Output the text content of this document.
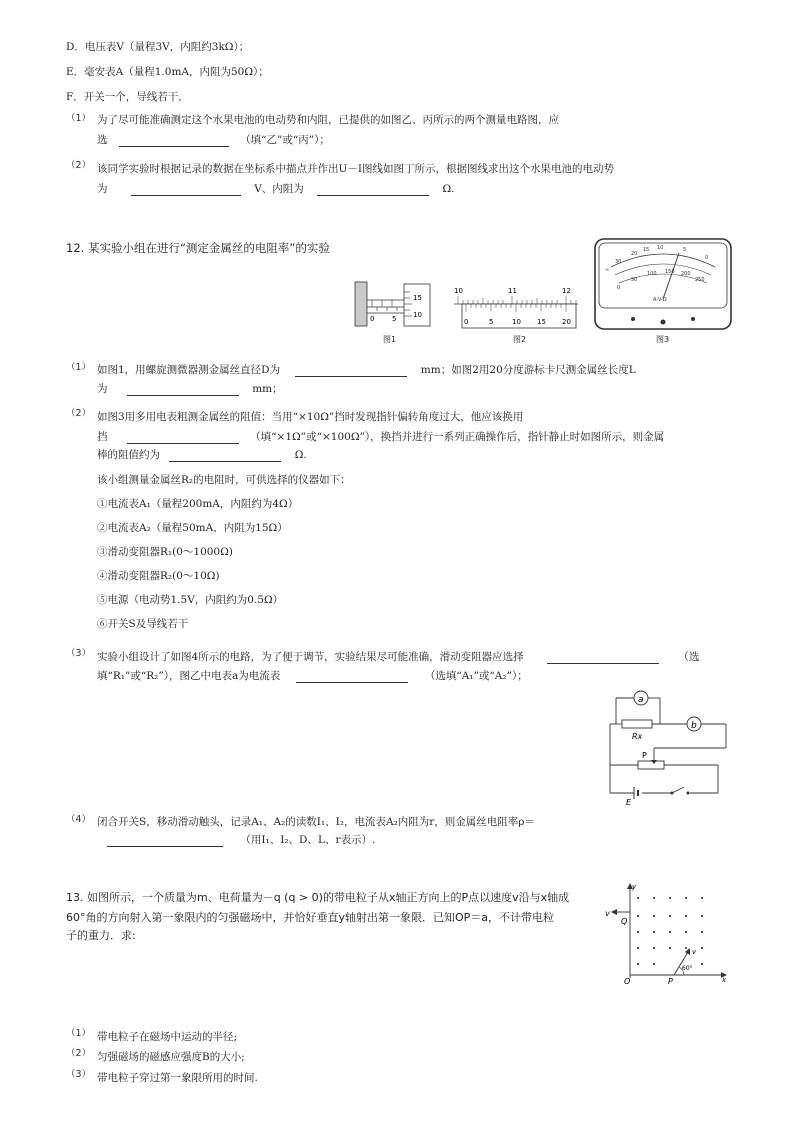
D．电压表V（量程3V，内阻约3kΩ）；
E．毫安表A（量程1.0mA，内阻为50Ω）；
F．开关一个，导线若干．
（1） 为了尽可能准确测定这个水果电池的电动势和内阻，已提供的如图乙、丙所示的两个测量电路图，应
选	（填“乙”或“丙”）；
（2） 该同学实验时根据记录的数据在坐标系中描点并作出U－I图线如图丁所示，根据图线求出这个水果电池的电动势
为	V、内阻为	Ω.
12. 某实验小组在进行“测定金属丝的电阻率”的实验
0	5
15
10
图1
10	11	12
0	5	10 15 20
图2
30
20
15 10	5
0
∞
0
50
100 150 200
250
A-V-Ω
图3
（1） 如图1，用螺旋测微器测金属丝直径D为	mm；如图2用20分度游标卡尺测金属丝长度L
为	mm；
（2） 如图3用多用电表粗测金属丝的阻值：当用“×10Ω”挡时发现指针偏转角度过大，他应该换用
挡	（填“×1Ω”或“×100Ω”），换挡并进行一系列正确操作后，指针静止时如图所示，则金属
棒的阻值约为	Ω.
该小组测量金属丝R₂的电阻时，可供选择的仪器如下：
①电流表A₁（量程200mA，内阻约为4Ω）
②电流表A₂（量程50mA，内阻为15Ω）
③滑动变阻器R₁(0～1000Ω)
④滑动变阻器R₂(0～10Ω)
⑤电源（电动势1.5V，内阻约为0.5Ω）
⑥开关S及导线若干
（3） 实验小组设计了如图4所示的电路，为了便于调节，实验结果尽可能准确，滑动变阻器应选择	（选
填“R₁”或“R₂”），图乙中电表a为电流表	（选填“A₁”或“A₂”）；
a
b
Rx
P
E
（4） 闭合开关S，移动滑动触头，记录A₁、A₂的读数I₁、I₂，电流表A₂内阻为r，则金属丝电阻率ρ＝
（用I₁、I₂、D、L、r表示）.
13. 如图所示，一个质量为m、电荷量为－q (q > 0)的带电粒子从x轴正方向上的P点以速度v沿与x轴成
60°角的方向射入第一象限内的匀强磁场中，并恰好垂直y轴射出第一象限．已知OP＝a，不计带电粒
子的重力．求:
y
v
Q
O	P	x
v
60°
（1） 带电粒子在磁场中运动的半径;
（2） 匀强磁场的磁感应强度B的大小;
（3） 带电粒子穿过第一象限所用的时间.
